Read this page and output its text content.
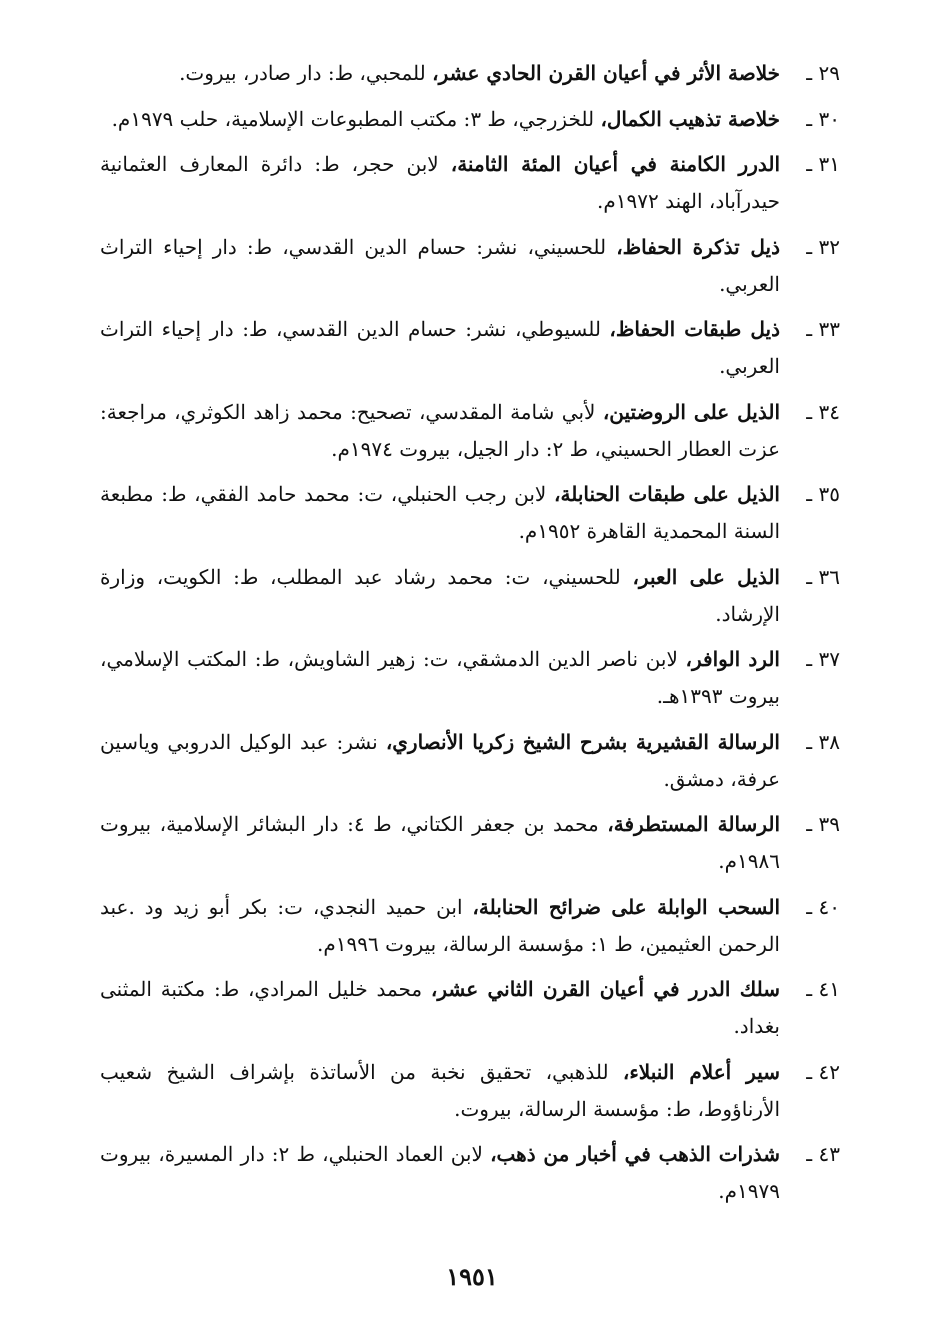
٢٩ ـ
خلاصة الأثر في أعيان القرن الحادي عشر، للمحبي، ط: دار صادر، بيروت.
٣٠ ـ
خلاصة تذهيب الكمال، للخزرجي، ط ٣: مكتب المطبوعات الإسلامية، حلب ١٩٧٩م.
٣١ ـ
الدرر الكامنة في أعيان المئة الثامنة، لابن حجر، ط: دائرة المعارف العثمانية حيدرآباد، الهند ١٩٧٢م.
٣٢ ـ
ذيل تذكرة الحفاظ، للحسيني، نشر: حسام الدين القدسي، ط: دار إحياء التراث العربي.
٣٣ ـ
ذيل طبقات الحفاظ، للسيوطي، نشر: حسام الدين القدسي، ط: دار إحياء التراث العربي.
٣٤ ـ
الذيل على الروضتين، لأبي شامة المقدسي، تصحيح: محمد زاهد الكوثري، مراجعة: عزت العطار الحسيني، ط ٢: دار الجيل، بيروت ١٩٧٤م.
٣٥ ـ
الذيل على طبقات الحنابلة، لابن رجب الحنبلي، ت: محمد حامد الفقي، ط: مطبعة السنة المحمدية القاهرة ١٩٥٢م.
٣٦ ـ
الذيل على العبر، للحسيني، ت: محمد رشاد عبد المطلب، ط: الكويت، وزارة الإرشاد.
٣٧ ـ
الرد الوافر، لابن ناصر الدين الدمشقي، ت: زهير الشاويش، ط: المكتب الإسلامي، بيروت ١٣٩٣هـ.
٣٨ ـ
الرسالة القشيرية بشرح الشيخ زكريا الأنصاري، نشر: عبد الوكيل الدروبي وياسين عرفة، دمشق.
٣٩ ـ
الرسالة المستطرفة، محمد بن جعفر الكتاني، ط ٤: دار البشائر الإسلامية، بيروت ١٩٨٦م.
٤٠ ـ
السحب الوابلة على ضرائح الحنابلة، ابن حميد النجدي، ت: بكر أبو زيد ود .عبد الرحمن العثيمين، ط ١: مؤسسة الرسالة، بيروت ١٩٩٦م.
٤١ ـ
سلك الدرر في أعيان القرن الثاني عشر، محمد خليل المرادي، ط: مكتبة المثنى بغداد.
٤٢ ـ
سير أعلام النبلاء، للذهبي، تحقيق نخبة من الأساتذة بإشراف الشيخ شعيب الأرناؤوط، ط: مؤسسة الرسالة، بيروت.
٤٣ ـ
شذرات الذهب في أخبار من ذهب، لابن العماد الحنبلي، ط ٢: دار المسيرة، بيروت ١٩٧٩م.
١٩٥١
